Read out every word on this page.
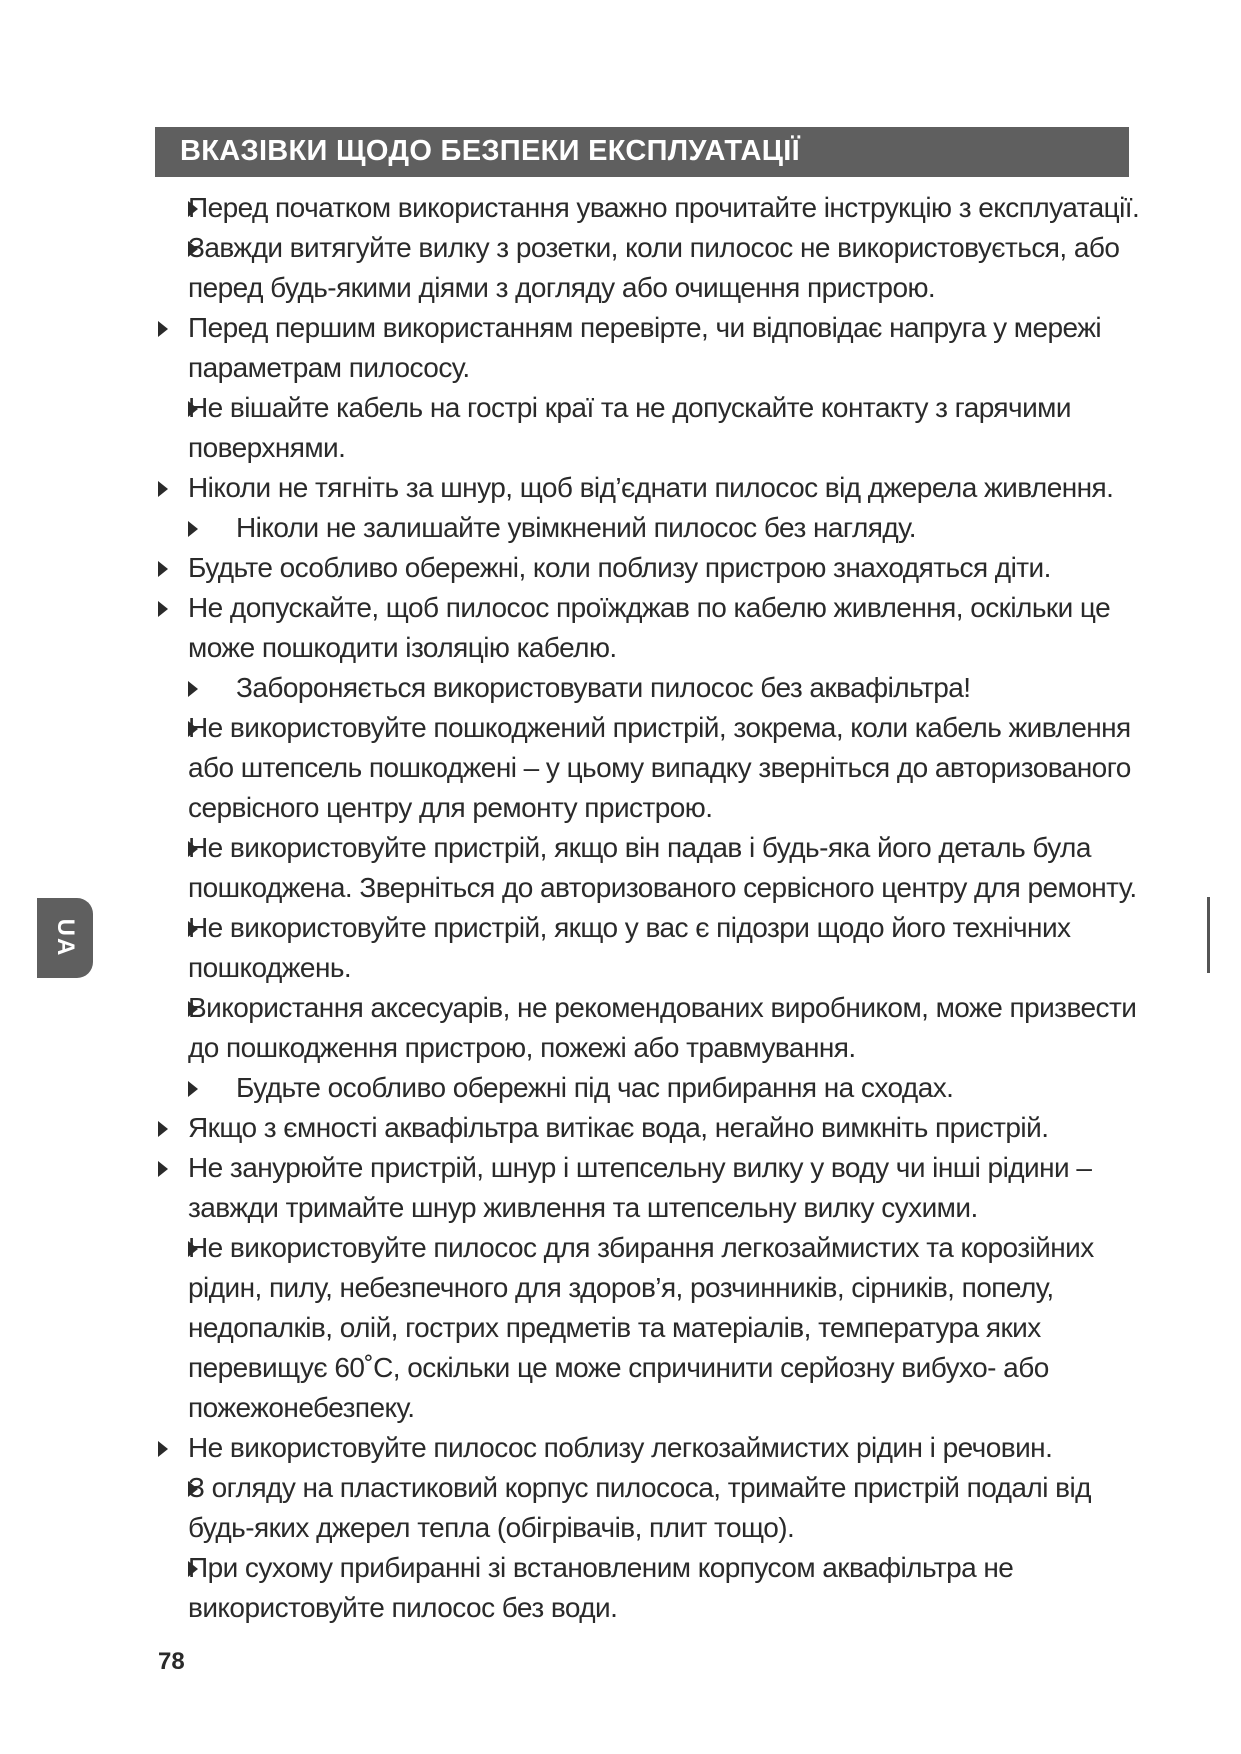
ВКАЗІВКИ ЩОДО БЕЗПЕКИ ЕКСПЛУАТАЦІЇ
Перед початком використання уважно прочитайте інструкцію з експлуатації.
Завжди витягуйте вилку з розетки, коли пилосос не використовується, або перед будь-якими діями з догляду або очищення пристрою.
Перед першим використанням перевірте, чи відповідає напруга у мережі параметрам пилососу.
Не вішайте кабель на гострі краї та не допускайте контакту з гарячими поверхнями.
Ніколи не тягніть за шнур, щоб від’єднати пилосос від джерела живлення.
Ніколи не залишайте увімкнений пилосос без нагляду.
Будьте особливо обережні, коли поблизу пристрою знаходяться діти.
Не допускайте, щоб пилосос проїжджав по кабелю живлення, оскільки це може пошкодити ізоляцію кабелю.
Забороняється використовувати пилосос без аквафільтра!
Не використовуйте пошкоджений пристрій, зокрема, коли кабель живлення або штепсель пошкоджені – у цьому випадку зверніться до авторизованого сервісного центру для ремонту пристрою.
Не використовуйте пристрій, якщо він падав і будь-яка його деталь була пошкоджена. Зверніться до авторизованого сервісного центру для ремонту.
Не використовуйте пристрій, якщо у вас є підозри щодо його технічних пошкоджень.
Використання аксесуарів, не рекомендованих виробником, може призвести до пошкодження пристрою, пожежі або травмування.
Будьте особливо обережні під час прибирання на сходах.
Якщо з ємності аквафільтра витікає вода, негайно вимкніть пристрій.
Не занурюйте пристрій, шнур і штепсельну вилку у воду чи інші рідини – завжди тримайте шнур живлення та штепсельну вилку сухими.
Не використовуйте пилосос для збирання легкозаймистих та корозійних рідин, пилу, небезпечного для здоров’я, розчинників, сірників, попелу, недопалків, олій, гострих предметів та матеріалів, температура яких перевищує 60˚С, оскільки це може спричинити серйозну вибухо- або пожежонебезпеку.
Не використовуйте пилосос поблизу легкозаймистих рідин і речовин.
З огляду на пластиковий корпус пилососа, тримайте пристрій подалі від будь-яких джерел тепла (обігрівачів, плит тощо).
При сухому прибиранні зі встановленим корпусом аквафільтра не використовуйте пилосос без води.
UA
78
